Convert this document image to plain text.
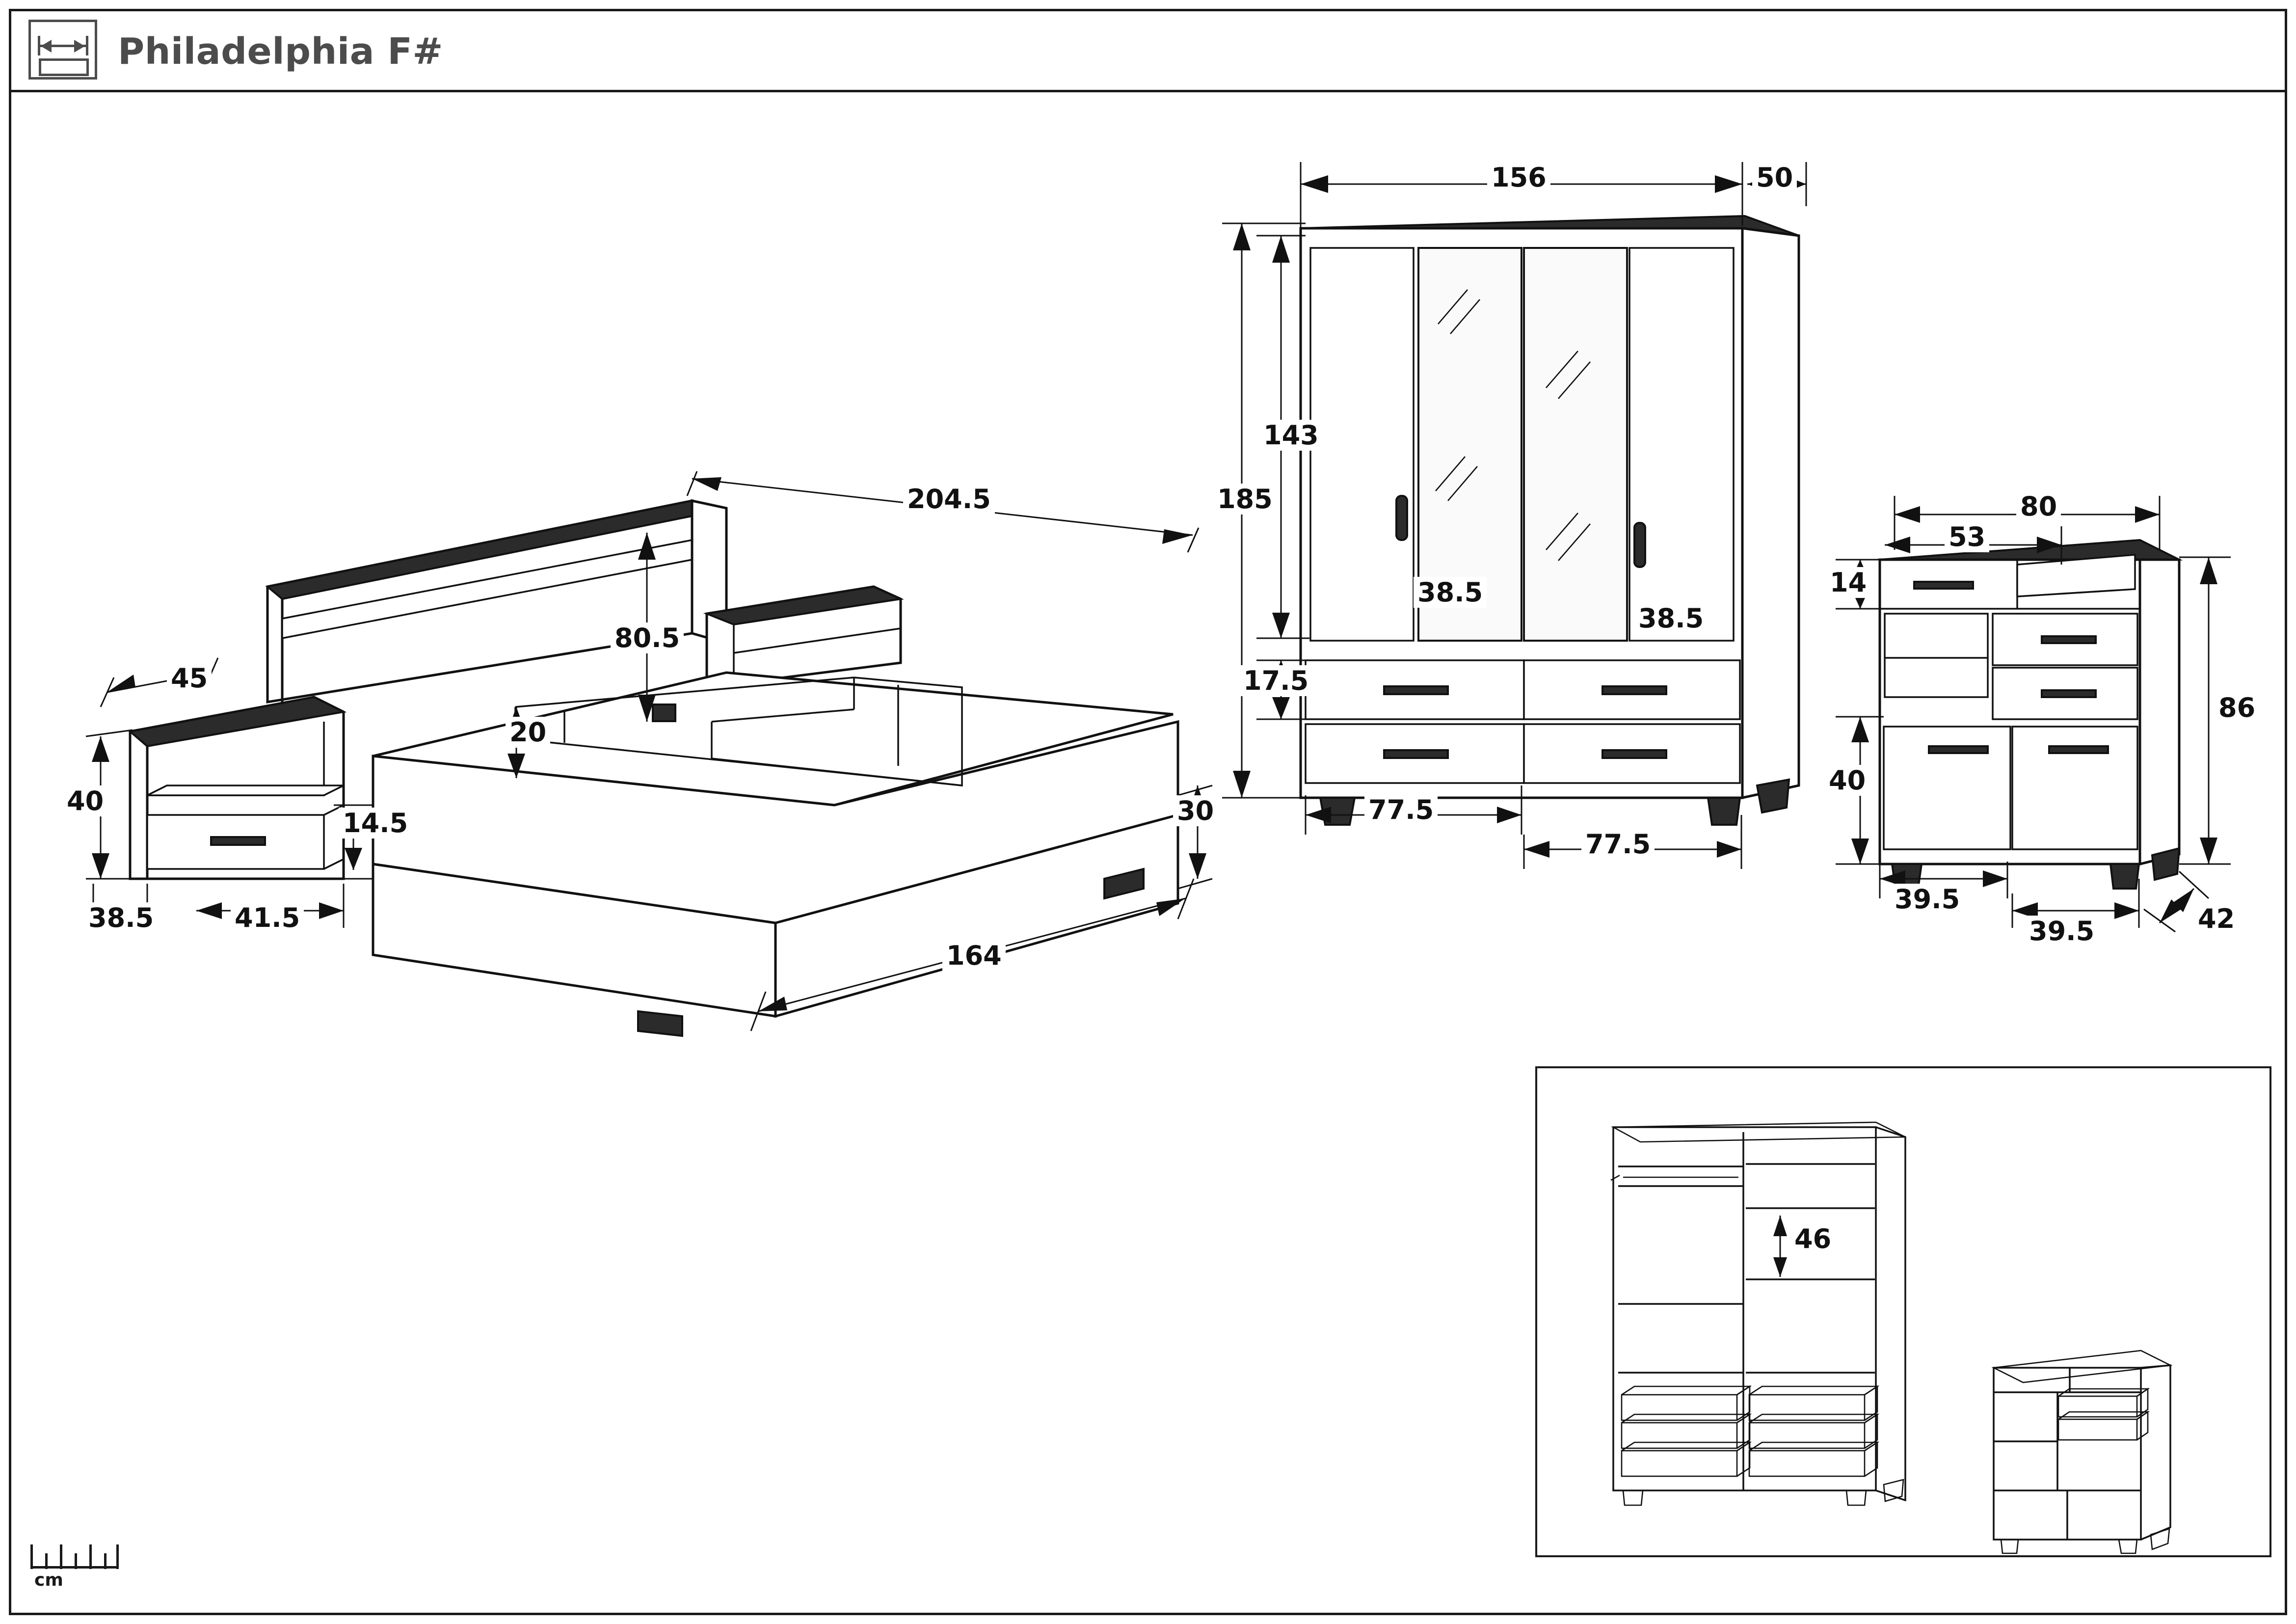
Philadelphia F#
46
204.5
80.5
164
30
20
45
40
14.5
38.5	41.5
156	50
143
185
38.5
38.5
17.5
77.5
77.5
80
53
14
40
86
39.5
39.5	42
cm
